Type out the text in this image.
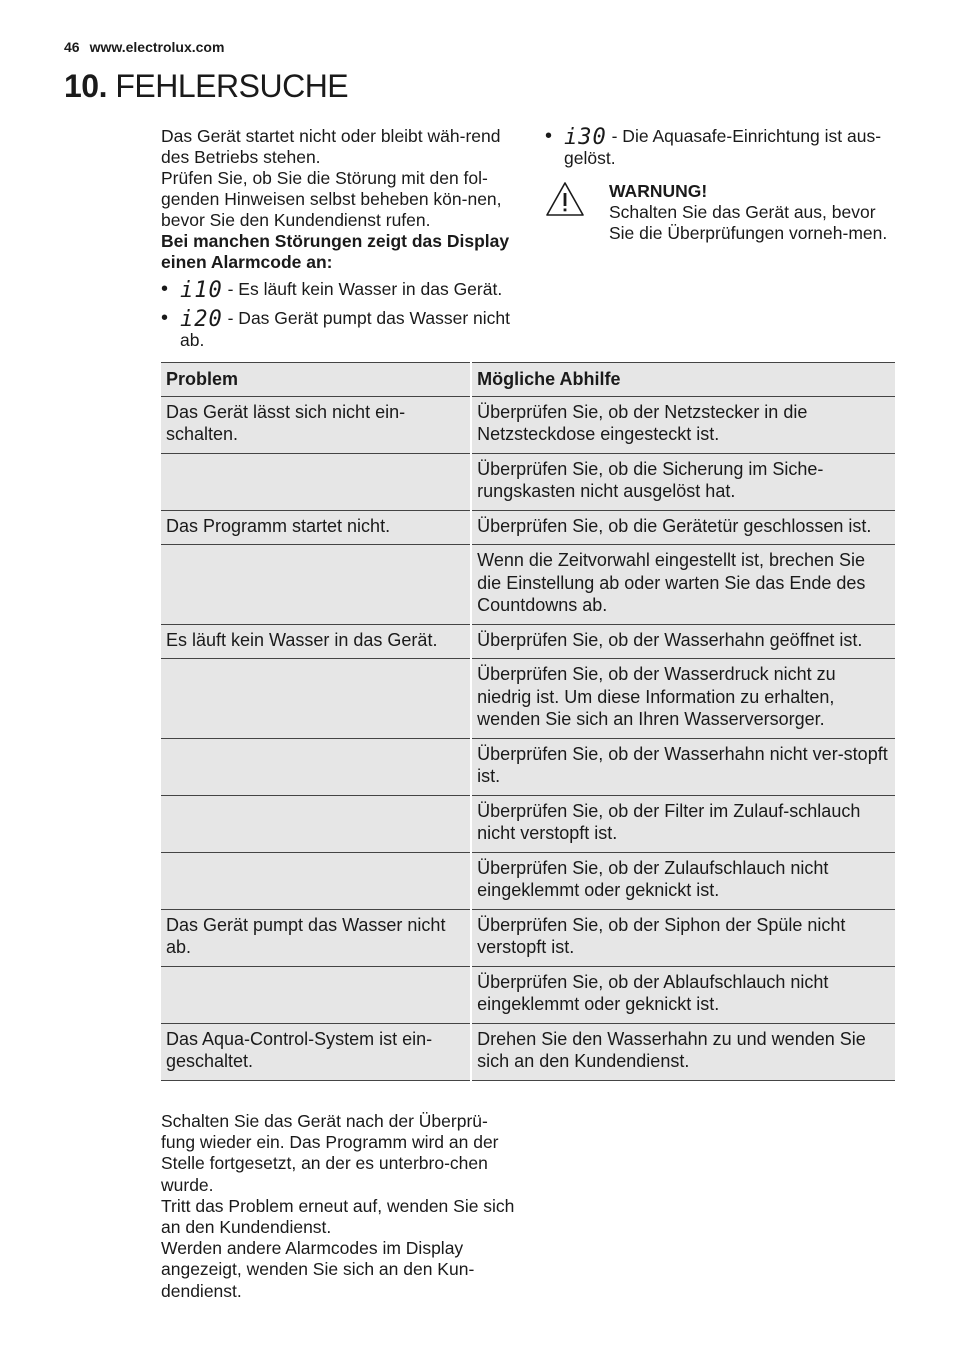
46 www.electrolux.com
10. FEHLERSUCHE

Das Gerät startet nicht oder bleibt wäh-rend des Betriebs stehen.

Prüfen Sie, ob Sie die Störung mit den fol-genden Hinweisen selbst beheben kön-nen, bevor Sie den Kundendienst rufen.

Bei manchen Störungen zeigt das Display einen Alarmcode an:

• i10 - Es läuft kein Wasser in das Gerät.
• i20 - Das Gerät pumpt das Wasser nicht ab.
• i30 - Die Aquasafe-Einrichtung ist aus-gelöst.

WARNUNG!

Schalten Sie das Gerät aus, bevor Sie die Überprüfungen vorneh-men.

Problem	Mögliche Abhilfe
Das Gerät lässt sich nicht ein-schalten.	Überprüfen Sie, ob der Netzstecker in die Netzsteckdose eingesteckt ist.
	Überprüfen Sie, ob die Sicherung im Siche-rungskasten nicht ausgelöst hat.
Das Programm startet nicht.	Überprüfen Sie, ob die Gerätetür geschlossen ist.
	Wenn die Zeitvorwahl eingestellt ist, brechen Sie die Einstellung ab oder warten Sie das Ende des Countdowns ab.
Es läuft kein Wasser in das Gerät.	Überprüfen Sie, ob der Wasserhahn geöffnet ist.
	Überprüfen Sie, ob der Wasserdruck nicht zu niedrig ist. Um diese Information zu erhalten, wenden Sie sich an Ihren Wasserversorger.
	Überprüfen Sie, ob der Wasserhahn nicht ver-stopft ist.
	Überprüfen Sie, ob der Filter im Zulauf-schlauch nicht verstopft ist.
	Überprüfen Sie, ob der Zulaufschlauch nicht eingeklemmt oder geknickt ist.
Das Gerät pumpt das Wasser nicht ab.	Überprüfen Sie, ob der Siphon der Spüle nicht verstopft ist.
	Überprüfen Sie, ob der Ablaufschlauch nicht eingeklemmt oder geknickt ist.
Das Aqua-Control-System ist ein-geschaltet.	Drehen Sie den Wasserhahn zu und wenden Sie sich an den Kundendienst.

Schalten Sie das Gerät nach der Überprü-fung wieder ein. Das Programm wird an der Stelle fortgesetzt, an der es unterbro-chen wurde.

Tritt das Problem erneut auf, wenden Sie sich an den Kundendienst.

Werden andere Alarmcodes im Display angezeigt, wenden Sie sich an den Kun-dendienst.
